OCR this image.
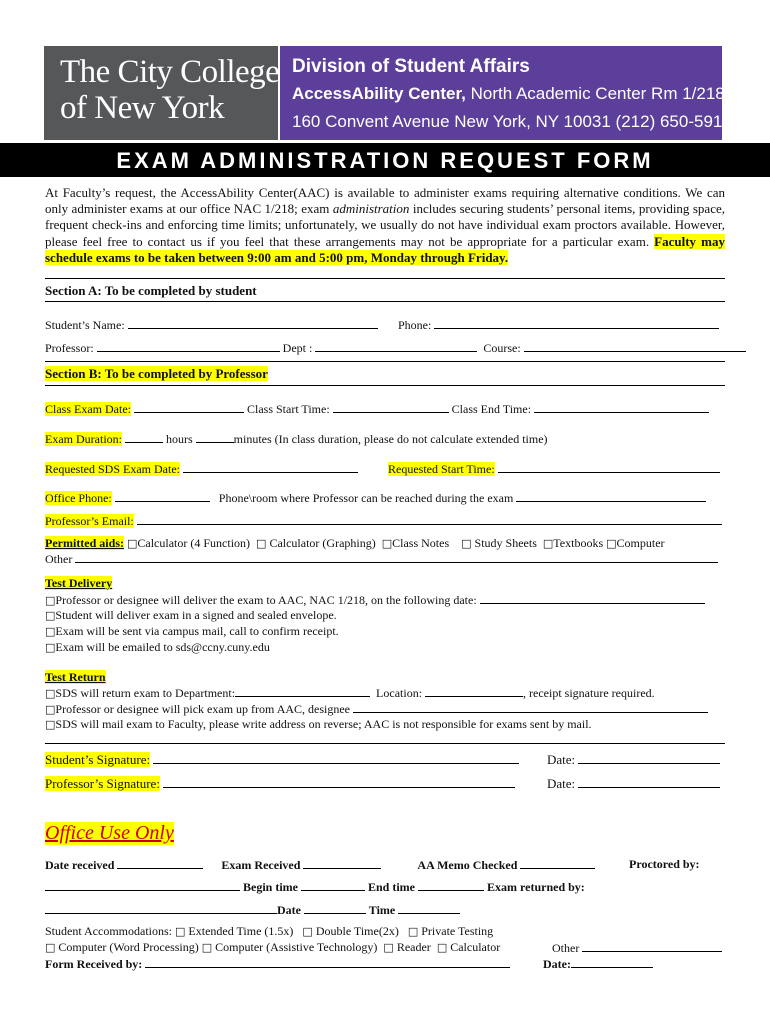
The City College
of New York
Division of Student Affairs
AccessAbility Center, North Academic Center Rm 1/218
160 Convent Avenue New York, NY 10031 (212) 650-5913
EXAM ADMINISTRATION REQUEST FORM
At Faculty’s request, the AccessAbility Center(AAC) is available to administer exams requiring alternative conditions. We can only administer exams at our office NAC 1/218; exam administration includes securing students’ personal items, providing space, frequent check-ins and enforcing time limits; unfortunately, we usually do not have individual exam proctors available. However, please feel free to contact us if you feel that these arrangements may not be appropriate for a particular exam. Faculty may schedule exams to be taken between 9:00 am and 5:00 pm, Monday through Friday.
Section A: To be completed by student
Student’s Name:	Phone:
Professor:	Dept :	Course:
Section B: To be completed by Professor
Class Exam Date:	Class Start Time:	Class End Time:
Exam Duration:	hours	minutes (In class duration, please do not calculate extended time)
Requested SDS Exam Date:	Requested Start Time:
Office Phone:	Phone\room where Professor can be reached during the exam
Professor’s Email:
Permitted aids: □Calculator (4 Function) □ Calculator (Graphing) □Class Notes □ Study Sheets □Textbooks □Computer
Other
Test Delivery
□Professor or designee will deliver the exam to AAC, NAC 1/218, on the following date:
□Student will deliver exam in a signed and sealed envelope.
□Exam will be sent via campus mail, call to confirm receipt.
□Exam will be emailed to sds@ccny.cuny.edu
Test Return
□SDS will return exam to Department:	Location:	, receipt signature required.
□Professor or designee will pick exam up from AAC, designee
□SDS will mail exam to Faculty, please write address on reverse; AAC is not responsible for exams sent by mail.
Student’s Signature:	Date:
Professor’s Signature:	Date:
Office Use Only
Date received	Exam Received	AA Memo Checked	Proctored by:
Begin time	End time	Exam returned by:
Date	Time
Student Accommodations: □ Extended Time (1.5x) □ Double Time(2x) □ Private Testing
□ Computer (Word Processing) □ Computer (Assistive Technology) □ Reader □ Calculator	Other
Form Received by:	Date:
